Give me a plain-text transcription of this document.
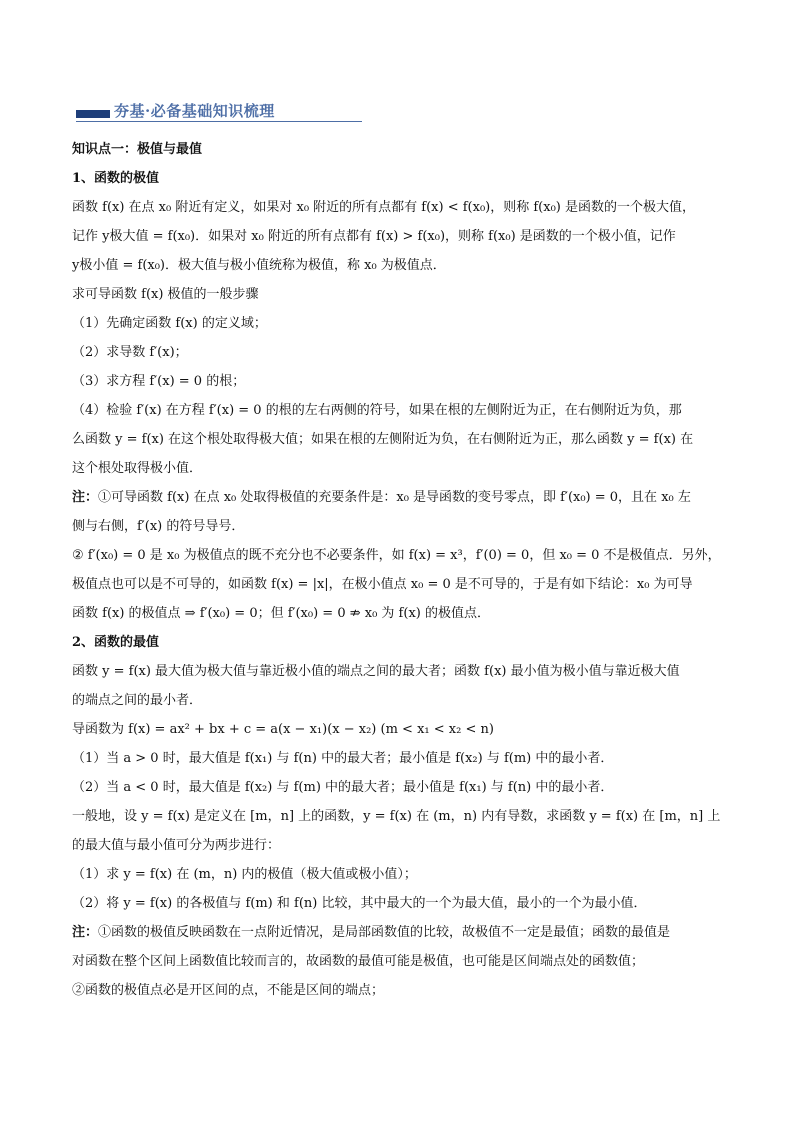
夯基·必备基础知识梳理
知识点一：极值与最值
1、函数的极值
函数 f(x) 在点 x₀ 附近有定义，如果对 x₀ 附近的所有点都有 f(x) < f(x₀)，则称 f(x₀) 是函数的一个极大值，
记作 y极大值 = f(x₀)．如果对 x₀ 附近的所有点都有 f(x) > f(x₀)，则称 f(x₀) 是函数的一个极小值，记作
y极小值 = f(x₀)．极大值与极小值统称为极值，称 x₀ 为极值点．
求可导函数 f(x) 极值的一般步骤
（1）先确定函数 f(x) 的定义域；
（2）求导数 f′(x)；
（3）求方程 f′(x) = 0 的根；
（4）检验 f′(x) 在方程 f′(x) = 0 的根的左右两侧的符号，如果在根的左侧附近为正，在右侧附近为负，那
么函数 y = f(x) 在这个根处取得极大值；如果在根的左侧附近为负，在右侧附近为正，那么函数 y = f(x) 在
这个根处取得极小值．
注：①可导函数 f(x) 在点 x₀ 处取得极值的充要条件是：x₀ 是导函数的变号零点，即 f′(x₀) = 0，且在 x₀ 左
侧与右侧，f′(x) 的符号导号．
② f′(x₀) = 0 是 x₀ 为极值点的既不充分也不必要条件，如 f(x) = x³，f′(0) = 0，但 x₀ = 0 不是极值点．另外，
极值点也可以是不可导的，如函数 f(x) = |x|，在极小值点 x₀ = 0 是不可导的，于是有如下结论：x₀ 为可导
函数 f(x) 的极值点 ⇒ f′(x₀) = 0；但 f′(x₀) = 0 ⇏ x₀ 为 f(x) 的极值点．
2、函数的最值
函数 y = f(x) 最大值为极大值与靠近极小值的端点之间的最大者；函数 f(x) 最小值为极小值与靠近极大值
的端点之间的最小者．
导函数为 f(x) = ax² + bx + c = a(x − x₁)(x − x₂) (m < x₁ < x₂ < n)
（1）当 a > 0 时，最大值是 f(x₁) 与 f(n) 中的最大者；最小值是 f(x₂) 与 f(m) 中的最小者．
（2）当 a < 0 时，最大值是 f(x₂) 与 f(m) 中的最大者；最小值是 f(x₁) 与 f(n) 中的最小者．
一般地，设 y = f(x) 是定义在 [m，n] 上的函数，y = f(x) 在 (m，n) 内有导数，求函数 y = f(x) 在 [m，n] 上
的最大值与最小值可分为两步进行：
（1）求 y = f(x) 在 (m，n) 内的极值（极大值或极小值）；
（2）将 y = f(x) 的各极值与 f(m) 和 f(n) 比较，其中最大的一个为最大值，最小的一个为最小值．
注：①函数的极值反映函数在一点附近情况，是局部函数值的比较，故极值不一定是最值；函数的最值是
对函数在整个区间上函数值比较而言的，故函数的最值可能是极值，也可能是区间端点处的函数值；
②函数的极值点必是开区间的点，不能是区间的端点；
